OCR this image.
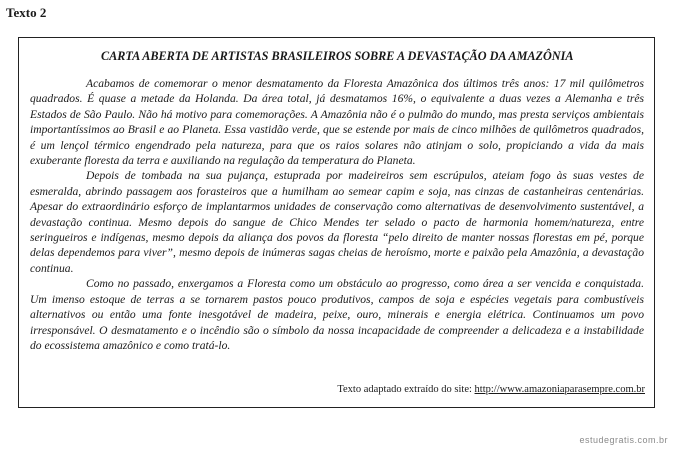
Texto 2
CARTA ABERTA DE ARTISTAS BRASILEIROS SOBRE A DEVASTAÇÃO DA AMAZÔNIA

Acabamos de comemorar o menor desmatamento da Floresta Amazônica dos últimos três anos: 17 mil quilômetros quadrados. É quase a metade da Holanda. Da área total, já desmatamos 16%, o equivalente a duas vezes a Alemanha e três Estados de São Paulo. Não há motivo para comemorações. A Amazônia não é o pulmão do mundo, mas presta serviços ambientais importantíssimos ao Brasil e ao Planeta. Essa vastidão verde, que se estende por mais de cinco milhões de quilômetros quadrados, é um lençol térmico engendrado pela natureza, para que os raios solares não atinjam o solo, propiciando a vida da mais exuberante floresta da terra e auxiliando na regulação da temperatura do Planeta.

Depois de tombada na sua pujança, estuprada por madeireiros sem escrúpulos, ateiam fogo às suas vestes de esmeralda, abrindo passagem aos forasteiros que a humilham ao semear capim e soja, nas cinzas de castanheiras centenárias. Apesar do extraordinário esforço de implantarmos unidades de conservação como alternativas de desenvolvimento sustentável, a devastação continua. Mesmo depois do sangue de Chico Mendes ter selado o pacto de harmonia homem/natureza, entre seringueiros e indígenas, mesmo depois da aliança dos povos da floresta “pelo direito de manter nossas florestas em pé, porque delas dependemos para viver”, mesmo depois de inúmeras sagas cheias de heroísmo, morte e paixão pela Amazônia, a devastação continua.

Como no passado, enxergamos a Floresta como um obstáculo ao progresso, como área a ser vencida e conquistada. Um imenso estoque de terras a se tornarem pastos pouco produtivos, campos de soja e espécies vegetais para combustíveis alternativos ou então uma fonte inesgotável de madeira, peixe, ouro, minerais e energia elétrica. Continuamos um povo irresponsável. O desmatamento e o incêndio são o símbolo da nossa incapacidade de compreender a delicadeza e a instabilidade do ecossistema amazônico e como tratá-lo.

Texto adaptado extraído do site: http://www.amazoniaparasempre.com.br
estudegratis.com.br
